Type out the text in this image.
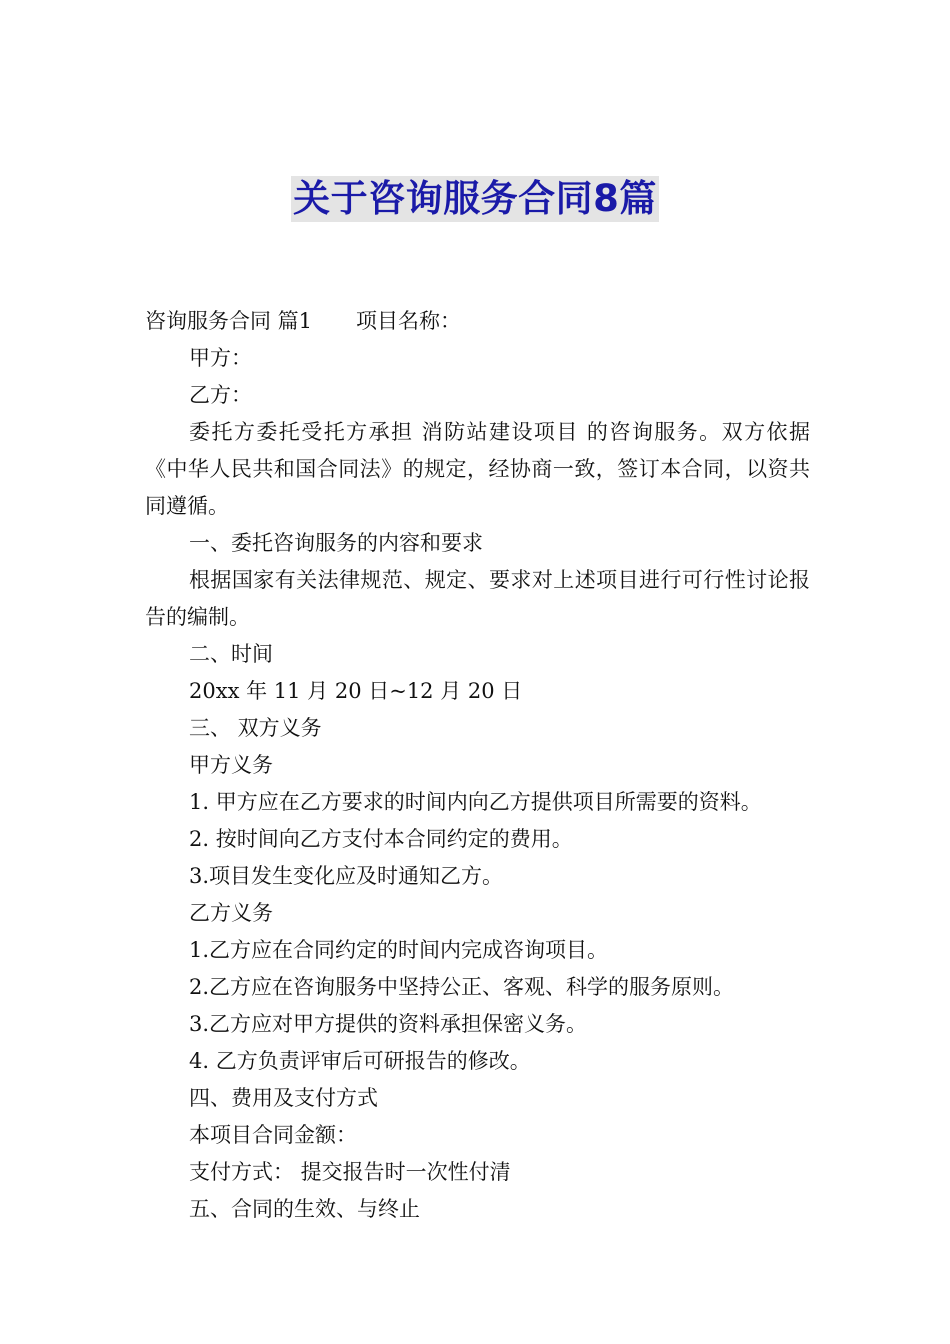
关于咨询服务合同8篇

咨询服务合同 篇1 项目名称：

甲方：

乙方：

委托方委托受托方承担 消防站建设项目 的咨询服务。双方依据《中华人民共和国合同法》的规定，经协商一致，签订本合同，以资共同遵循。

一、委托咨询服务的内容和要求

根据国家有关法律规范、规定、要求对上述项目进行可行性讨论报告的编制。

二、时间

20xx 年 11 月 20 日~12 月 20 日

三、 双方义务

甲方义务

1. 甲方应在乙方要求的时间内向乙方提供项目所需要的资料。

2. 按时间向乙方支付本合同约定的费用。

3.项目发生变化应及时通知乙方。

乙方义务

1.乙方应在合同约定的时间内完成咨询项目。

2.乙方应在咨询服务中坚持公正、客观、科学的服务原则。

3.乙方应对甲方提供的资料承担保密义务。

4. 乙方负责评审后可研报告的修改。

四、费用及支付方式

本项目合同金额：

支付方式： 提交报告时一次性付清

五、合同的生效、与终止
